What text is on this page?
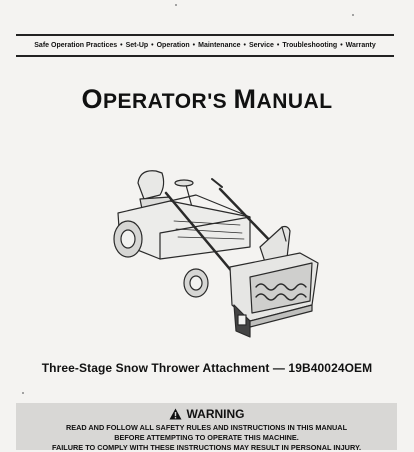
Safe Operation Practices • Set-Up • Operation • Maintenance • Service • Troubleshooting • Warranty
OPERATOR'S MANUAL
Three-Stage Snow Thrower Attachment — 19B40024OEM
WARNING
READ AND FOLLOW ALL SAFETY RULES AND INSTRUCTIONS IN THIS MANUAL
BEFORE ATTEMPTING TO OPERATE THIS MACHINE.
FAILURE TO COMPLY WITH THESE INSTRUCTIONS MAY RESULT IN PERSONAL INJURY.
